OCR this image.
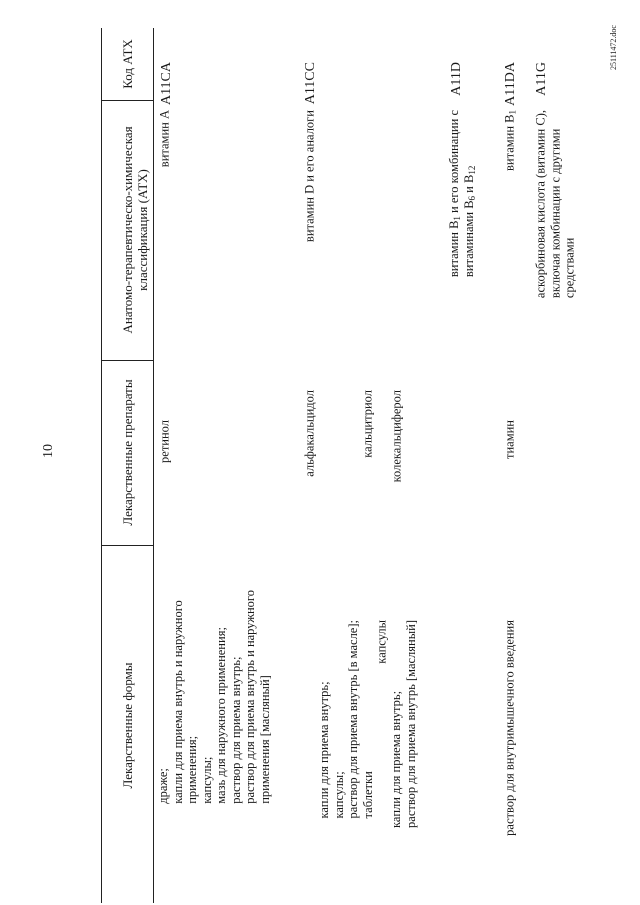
10
Код АТХ
Анатомо-терапевтическо-химическая классификация (АТХ)
Лекарственные препараты
Лекарственные формы
A11CA
витамин А
ретинол
драже; капли для приема внутрь и наружного применения; капсулы; мазь для наружного применения; раствор для приема внутрь; раствор для приема внутрь и наружного применения [масляный]
A11CC
витамин D и его аналоги
альфакальцидол
капли для приема внутрь; капсулы; раствор для приема внутрь [в масле]; таблетки
кальцитриол
капсулы
колекальциферол
капли для приема внутрь; раствор для приема внутрь [масляный]
A11D
витамин $B_1$ и его комбинации с
витаминами $B_6$ и $B_{12}$
A11DA
витамин $B_1$
тиамин
раствор для внутримышечного введения
A11G
аскорбиновая кислота (витамин С), включая комбинации с другими средствами
25111472.doc
